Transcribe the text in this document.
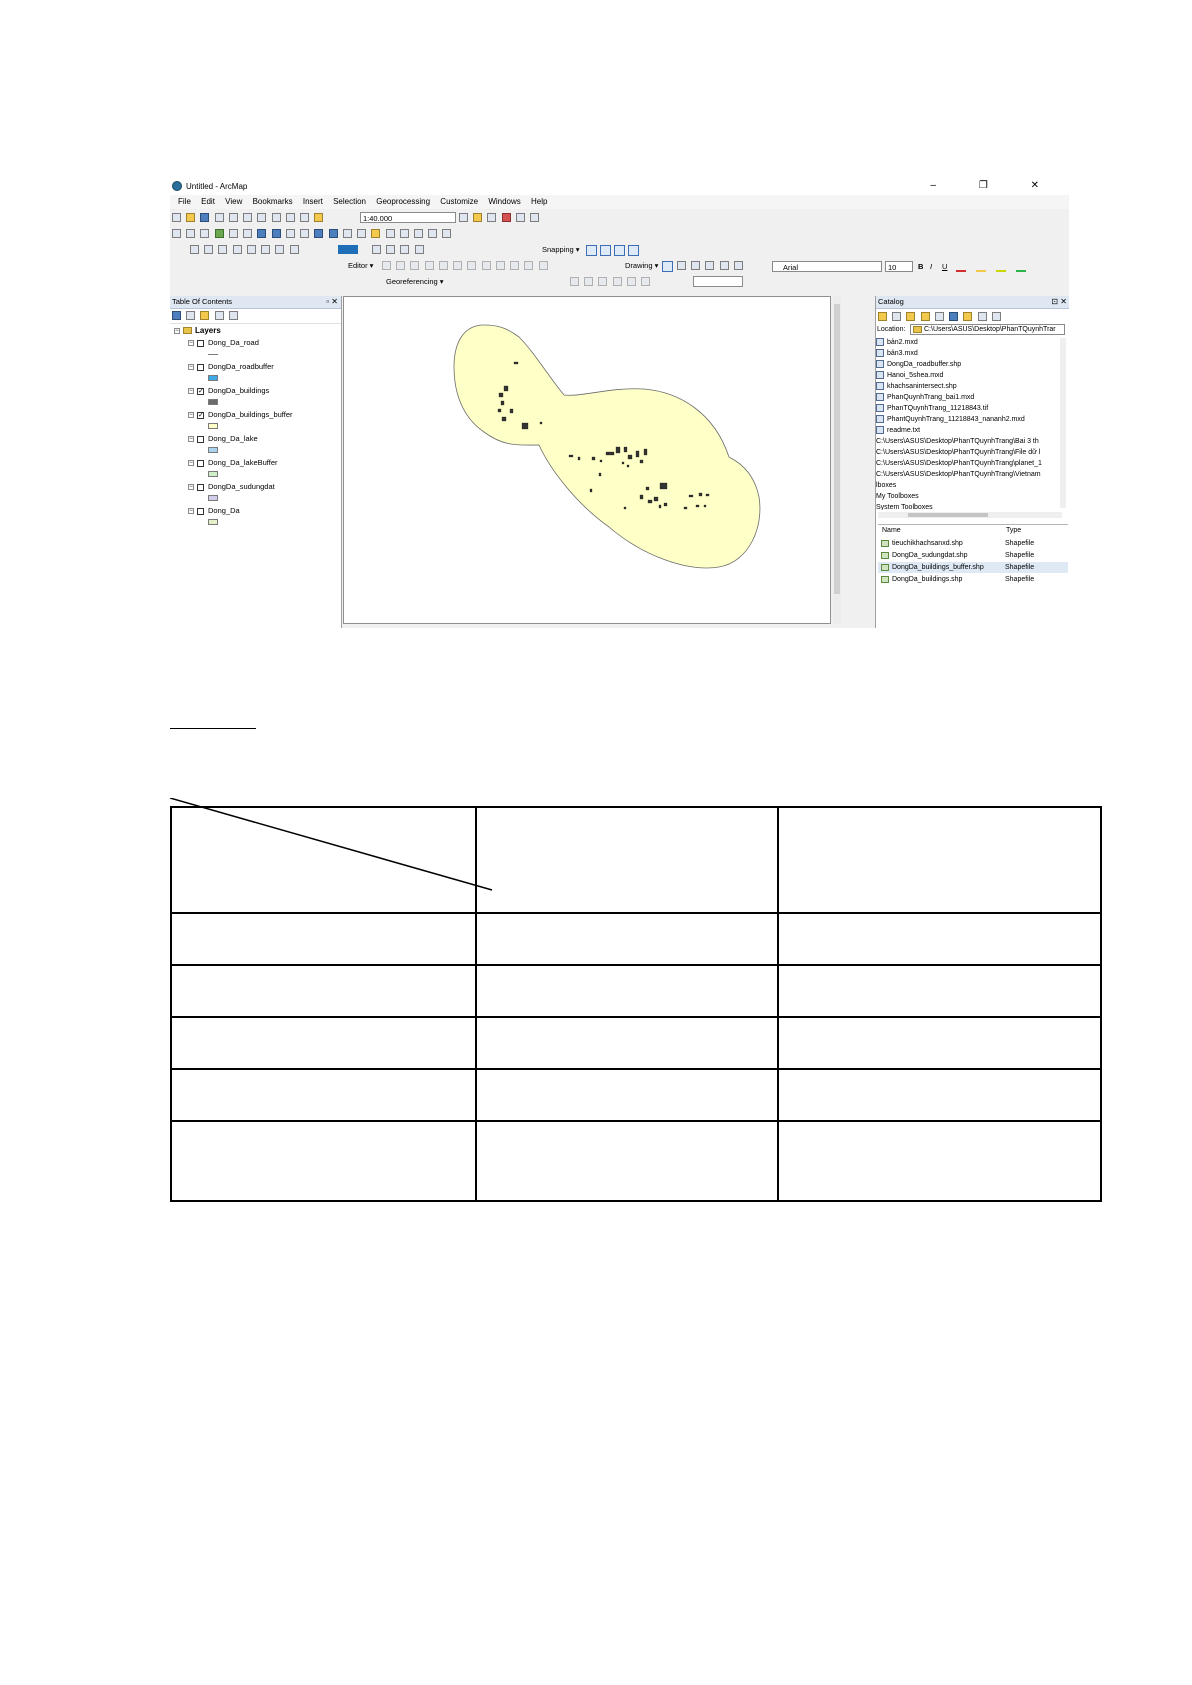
Untitled - ArcMap	– ❐ ✕
File Edit View Bookmarks Insert Selection Geoprocessing Customize Windows Help

1:40.000

Snapping ▾
Editor ▾
	Drawing ▾
	Arial	10	B I U
Georeferencing ▾

Table Of Contents	▫ ✕

− Layers
− Dong_Da_road
− DongDa_roadbuffer
− ✓ DongDa_buildings
− ✓ DongDa_buildings_buffer
− Dong_Da_lake
− Dong_Da_lakeBuffer
− DongDa_sudungdat
− Dong_Da
Catalog	⊡ ✕

Location:	C:\Users\ASUS\Desktop\PhanTQuynhTrar
bản2.mxd
bản3.mxd
DongDa_roadbuffer.shp
Hanoi_5shea.mxd
khachsanintersect.shp
PhanQuynhTrang_bai1.mxd
PhanTQuynhTrang_11218843.tif
PhantQuynhTrang_11218843_nananh2.mxd
readme.txt
C:\Users\ASUS\Desktop\PhanTQuynhTrang\Bai 3 th
C:\Users\ASUS\Desktop\PhanTQuynhTrang\File dữ l
C:\Users\ASUS\Desktop\PhanTQuynhTrang\planet_1
C:\Users\ASUS\Desktop\PhanTQuynhTrang\Vietnam
lboxes
My Toolboxes
System Toolboxes
Name	Type
tieuchikhachsanxd.shp	Shapefile
DongDa_sudungdat.shp	Shapefile
DongDa_buildings_buffer.shp	Shapefile
DongDa_buildings.shp	Shapefile
